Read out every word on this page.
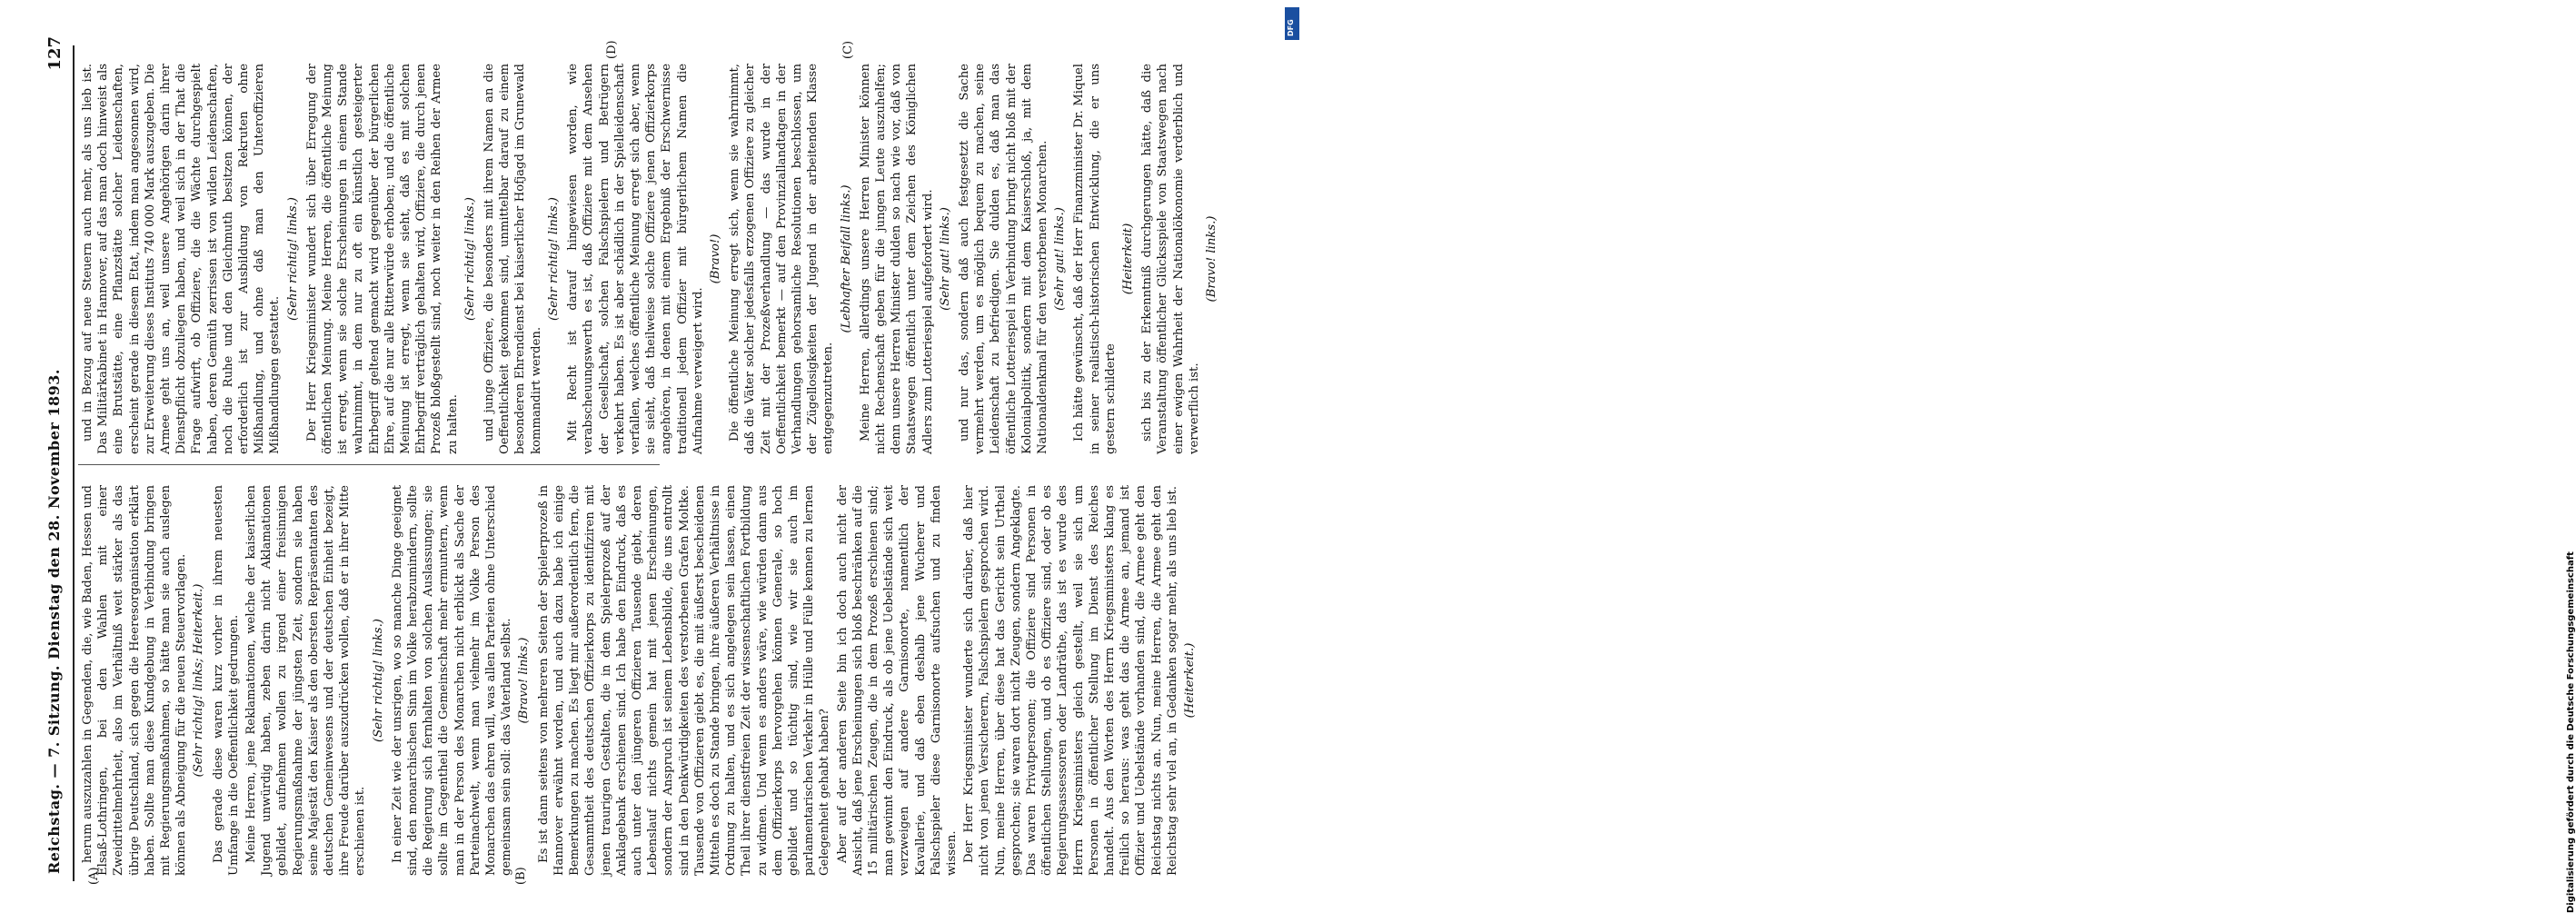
Reichstag. — 7. Sitzung. Dienstag den 28. November 1893.
127

herum auszuzahlen in Gegenden, die, wie Baden, Hessen und Elsaß-Lothringen, bei den Wahlen mit einer Zweidrittelmehrheit, also im Verhältniß weit stärker als das übrige Deutschland, sich gegen die Heeresorganisation erklärt haben. Sollte man diese Kundgebung in Verbindung bringen mit Regierungsmaßnahmen, so hätte man sie auch auslegen können als Abneigung für die neuen Steuervorlagen. (Sehr richtig! links; Heiterkeit.) Das gerade diese waren kurz vorher in ihrem neuesten Umfange in die Oeffentlichkeit gedrungen. Meine Herren, jene Reklamationen, welche der kaiserlichen Jugend unwürdig haben, zeben darin nicht Aklamationen gebildet, aufnehmen wollen zu irgend einer freisinnigen Regierungsmaßnahme der jüngsten Zeit, sondern sie haben seine Majestät den Kaiser als den obersten Repräsentanten des deutschen Gemeinwesens und der deutschen Einheit bezeigt, ihre Freude darüber auszudrücken wollen, daß er in ihrer Mitte erschienen ist.

(Sehr richtig! links.) In einer Zeit wie der unsrigen, wo so manche Dinge geeignet sind, den monarchischen Sinn im Volke herabzumindern, sollte die Regierung sich fernhalten von solchen Auslassungen; sie sollte im Gegentheil die Gemeinschaft mehr ermuntern, wenn man in der Person des Monarchen nicht erblickt als Sache der Parteinachwelt, wenn man vielmehr im Volke Person des Monarchen das ehren will, was allen Parteien ohne Unterschied gemeinsam sein soll: das Vaterland selbst. (Bravo! links.) Es ist dann seitens von mehreren Seiten der Spielerprozeß in Hannover erwähnt worden, und auch dazu habe ich einige Bemerkungen zu machen. Es liegt mir außerordentlich fern, die Gesammtheit des deutschen Offizierkorps zu identifiziren mit jenen traurigen Gestalten, die in dem Spielerprozeß auf der Anklagebank erschienen sind. Ich habe den Eindruck, daß es auch unter den jüngeren Offizieren Tausende giebt, deren Lebenslauf nichts gemein hat mit jenen Erscheinungen, sondern der Anspruch ist seinem Lebensbilde, die uns entrollt sind in den Denkwürdigkeiten des verstorbenen Grafen Moltke. Tausende von Offizieren giebt es, die mit äußerst bescheidenen Mitteln es doch zu Stande bringen, ihre äußeren Verhältnisse in Ordnung zu halten, und es sich angelegen sein lassen, einen Theil ihrer dienstfreien Zeit der wissenschaftlichen Fortbildung zu widmen. Und wenn es anders wäre, wie würden dann aus dem Offizierkorps hervorgehen können Generale, so hoch gebildet und so tüchtig sind, wie wir sie auch im parlamentarischen Verkehr in Hülle und Fülle kennen zu lernen Gelegenheit gehabt haben? Aber auf der anderen Seite bin ich doch auch nicht der Ansicht, daß jene Erscheinungen sich bloß beschränken auf die 15 militärischen Zeugen, die in dem Prozeß erschienen sind; man gewinnt den Eindruck, als ob jene Uebelstände sich weit verzweigen auf andere Garnisonorte, namentlich der Kavallerie, und daß eben deshalb jene Wucherer und Falschspieler diese Garnisonorte aufsuchen und zu finden wissen. Der Herr Kriegsminister wunderte sich darüber, daß hier nicht von jenen Versicherern, Falschspielern gesprochen wird. Nun, meine Herren, über diese hat das Gericht sein Urtheil gesprochen; sie waren dort nicht Zeugen, sondern Angeklagte. Das waren Privatpersonen; die Offiziere sind Personen in öffentlichen Stellungen, und ob es Offiziere sind, oder ob es Regierungsassessoren oder Landräthe, das ist es wurde des Herrn Kriegsministers gleich gestellt, weil sie sich um Personen in öffentlicher Stellung im Dienst des Reiches handelt. Aus den Worten des Herrn Kriegsministers klang es freilich so heraus: was geht das die Armee an, jemand ist Offizier und Uebelstände vorhanden sind, die Armee geht den Reichstag nichts an. Nun, meine Herren, die Armee geht den Reichstag sehr viel an, in Gedanken sogar mehr, als uns lieb ist. (Heiterkeit.)

und in Bezug auf neue Steuern auch mehr, als uns lieb ist. Das Militärkabinet in Hannover, auf das man doch hinweist als eine Brutstätte, eine Pflanzstätte solcher Leidenschaften, erscheint gerade in diesem Etat, indem man angesonnen wird, zur Erweiterung dieses Instituts 740 000 Mark auszugeben. Die Armee geht uns an, weil unsere Angehörigen darin ihrer Dienstpflicht obzuliegen haben, und weil sich in der That die Frage aufwirft, ob Offiziere, die die Wächte durchgespielt haben, deren Gemüth zerrissen ist von wilden Leidenschaften, noch die Ruhe und den Gleichmuth besitzen können, der erforderlich ist zur Ausbildung von Rekruten ohne Mißhandlung, und ohne daß man den Unteroffizieren Mißhandlungen gestattet.

(Sehr richtig! links.) Der Herr Kriegsminister wundert sich über Erregung der öffentlichen Meinung. Meine Herren, die öffentliche Meinung ist erregt, wenn sie solche Erscheinungen in einem Stande wahrnimmt, in dem nur zu oft ein künstlich gesteigerter Ehrbegriff geltend gemacht wird gegenüber der bürgerlichen Ehre, auf die nur alle Ritterwürde erhoben; und die öffentliche Meinung ist erregt, wenn sie sieht, daß es mit solchen Ehrbegriff verträglich gehalten wird, Offiziere, die durch jenen Prozeß bloßgestellt sind, noch weiter in den Reihen der Armee zu halten.

(Sehr richtig! links.) und junge Offiziere, die besonders mit ihrem Namen an die Oeffentlichkeit gekommen sind, unmittelbar darauf zu einem besonderen Ehrendienst bei kaiserlicher Hofjagd im Grunewald kommandirt werden.

(Sehr richtig! links.) Mit Recht ist darauf hingewiesen worden, wie verabscheuungswerth es ist, daß Offiziere mit dem Ansehen der Gesellschaft, solchen Falschspielern und Betrügern verkehrt haben. Es ist aber schädlich in der Spielleidenschaft verfallen, welches öffentliche Meinung erregt sich aber, wenn sie sieht, daß theilweise solche Offiziere jenen Offizierkorps angehören, in denen mit einem Ergebniß der Erschwernisse traditionell jedem Offizier mit bürgerlichem Namen die Aufnahme verweigert wird.

(Bravo!) Die öffentliche Meinung erregt sich, wenn sie wahrnimmt, daß die Väter solcher jedesfalls erzogenen Offiziere zu gleicher Zeit mit der Prozeßverhandlung — das wurde in der Oeffentlichkeit bemerkt — auf den Provinziallandtagen in der Verhandlungen gehorsamliche Resolutionen beschlossen, um der Zügellosigkeiten der Jugend in der arbeitenden Klasse entgegenzutreten.

(Lebhafter Beifall links.) Meine Herren, allerdings unsere Herren Minister können nicht Rechenschaft geben für die jungen Leute auszuhelfen; denn unsere Herren Minister dulden so nach wie vor, daß von Staatswegen öffentlich unter dem Zeichen des Königlichen Adlers zum Lotteriespiel aufgefordert wird. (Sehr gut! links.) und nur das, sondern daß auch festgesetzt die Sache vermehrt werden, um es möglich bequem zu machen, seine Leidenschaft zu befriedigen. Sie dulden es, daß man das öffentliche Lotteriespiel in Verbindung bringt nicht bloß mit der Kolonialpolitik, sondern mit dem Kaiserschloß, ja, mit dem Nationaldenkmal für den verstorbenen Monarchen. (Sehr gut! links.) Ich hätte gewünscht, daß der Herr Finanzminister Dr. Miquel in seiner realistisch-historischen Entwicklung, die er uns gestern schilderte

(Heiterkeit) sich bis zu der Erkenntniß durchgerungen hätte, daß die Veranstaltung öffentlicher Glücksspiele von Staatswegen nach einer ewigen Wahrheit der Nationalökonomie verderblich und verwerflich ist.

(Bravo! links.)

(A)	(B)
(C)
(D)
DFG
Digitalisierung gefördert durch die Deutsche Forschungsgemeinschaft
